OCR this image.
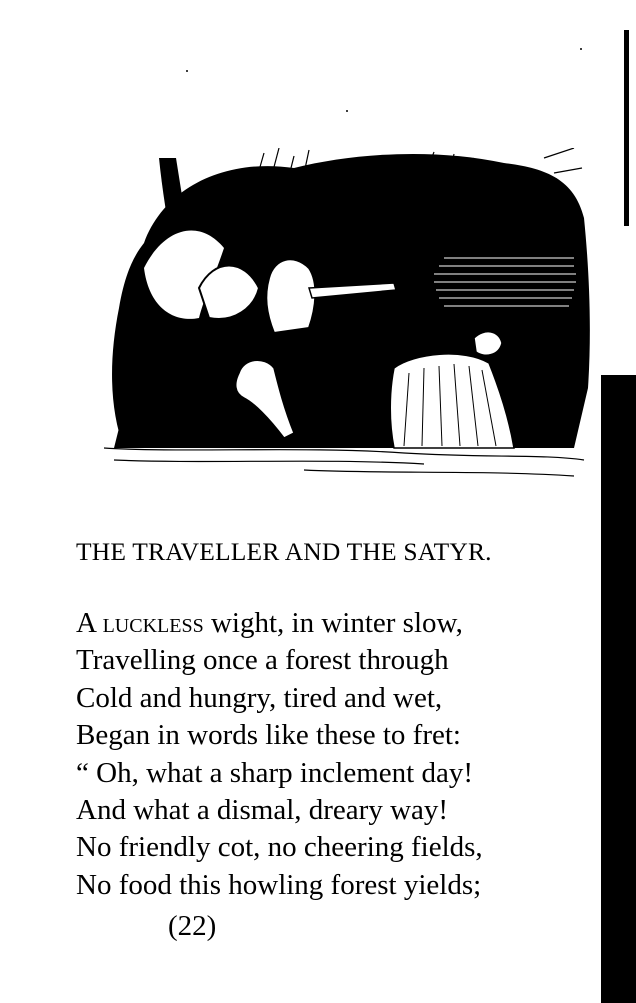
THE TRAVELLER AND THE SATYR.
A luckless wight, in winter slow,
Travelling once a forest through
Cold and hungry, tired and wet,
Began in words like these to fret:
“ Oh, what a sharp inclement day!
And what a dismal, dreary way!
No friendly cot, no cheering fields,
No food this howling forest yields;

(22)
